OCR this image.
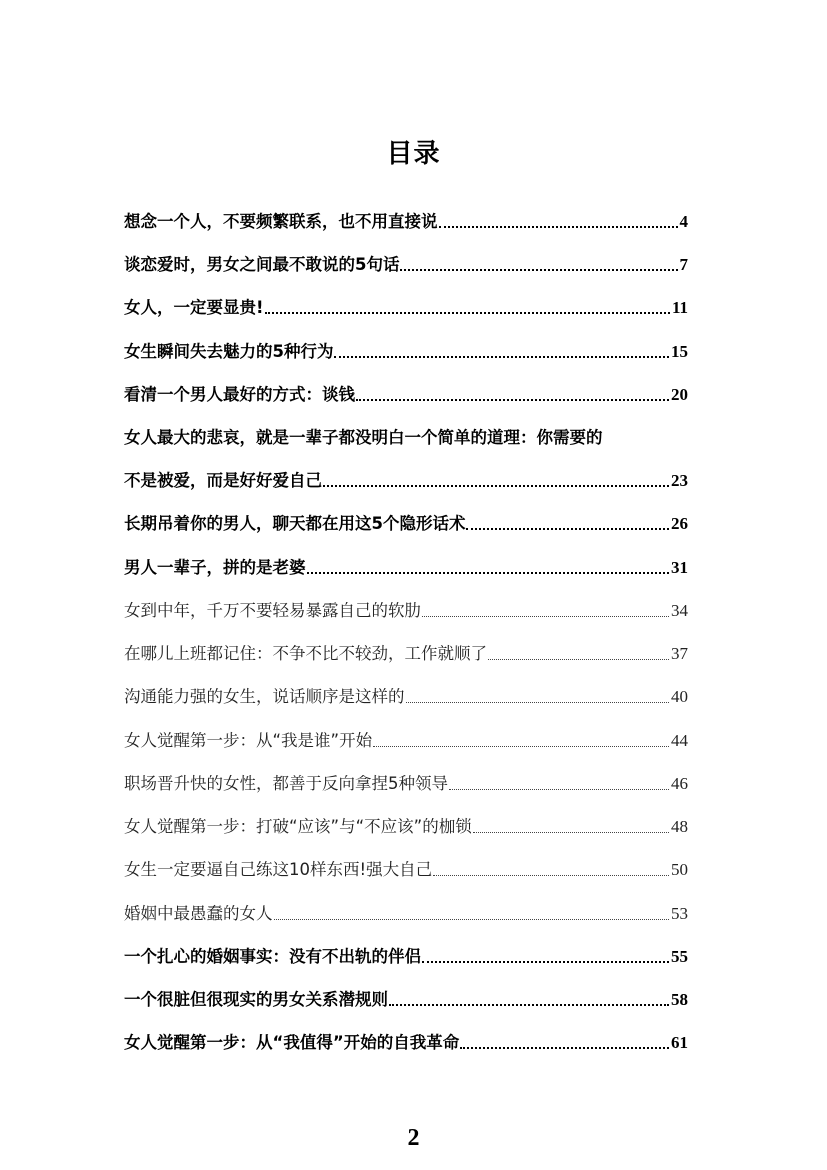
目录
想念一个人，不要频繁联系，也不用直接说	4
谈恋爱时，男女之间最不敢说的5句话	7
女人，一定要显贵!	11
女生瞬间失去魅力的5种行为	15
看清一个男人最好的方式：谈钱	20
女人最大的悲哀，就是一辈子都没明白一个简单的道理：你需要的
不是被爱，而是好好爱自己	23
长期吊着你的男人，聊天都在用这5个隐形话术	26
男人一辈子，拼的是老婆	31
女到中年，千万不要轻易暴露自己的软肋	34
在哪儿上班都记住：不争不比不较劲，工作就顺了	37
沟通能力强的女生，说话顺序是这样的	40
女人觉醒第一步：从“我是谁”开始	44
职场晋升快的女性，都善于反向拿捏5种领导	46
女人觉醒第一步：打破“应该”与“不应该”的枷锁	48
女生一定要逼自己练这10样东西!强大自己	50
婚姻中最愚蠢的女人	53
一个扎心的婚姻事实：没有不出轨的伴侣	55
一个很脏但很现实的男女关系潜规则	58
女人觉醒第一步：从“我值得”开始的自我革命	61
2
